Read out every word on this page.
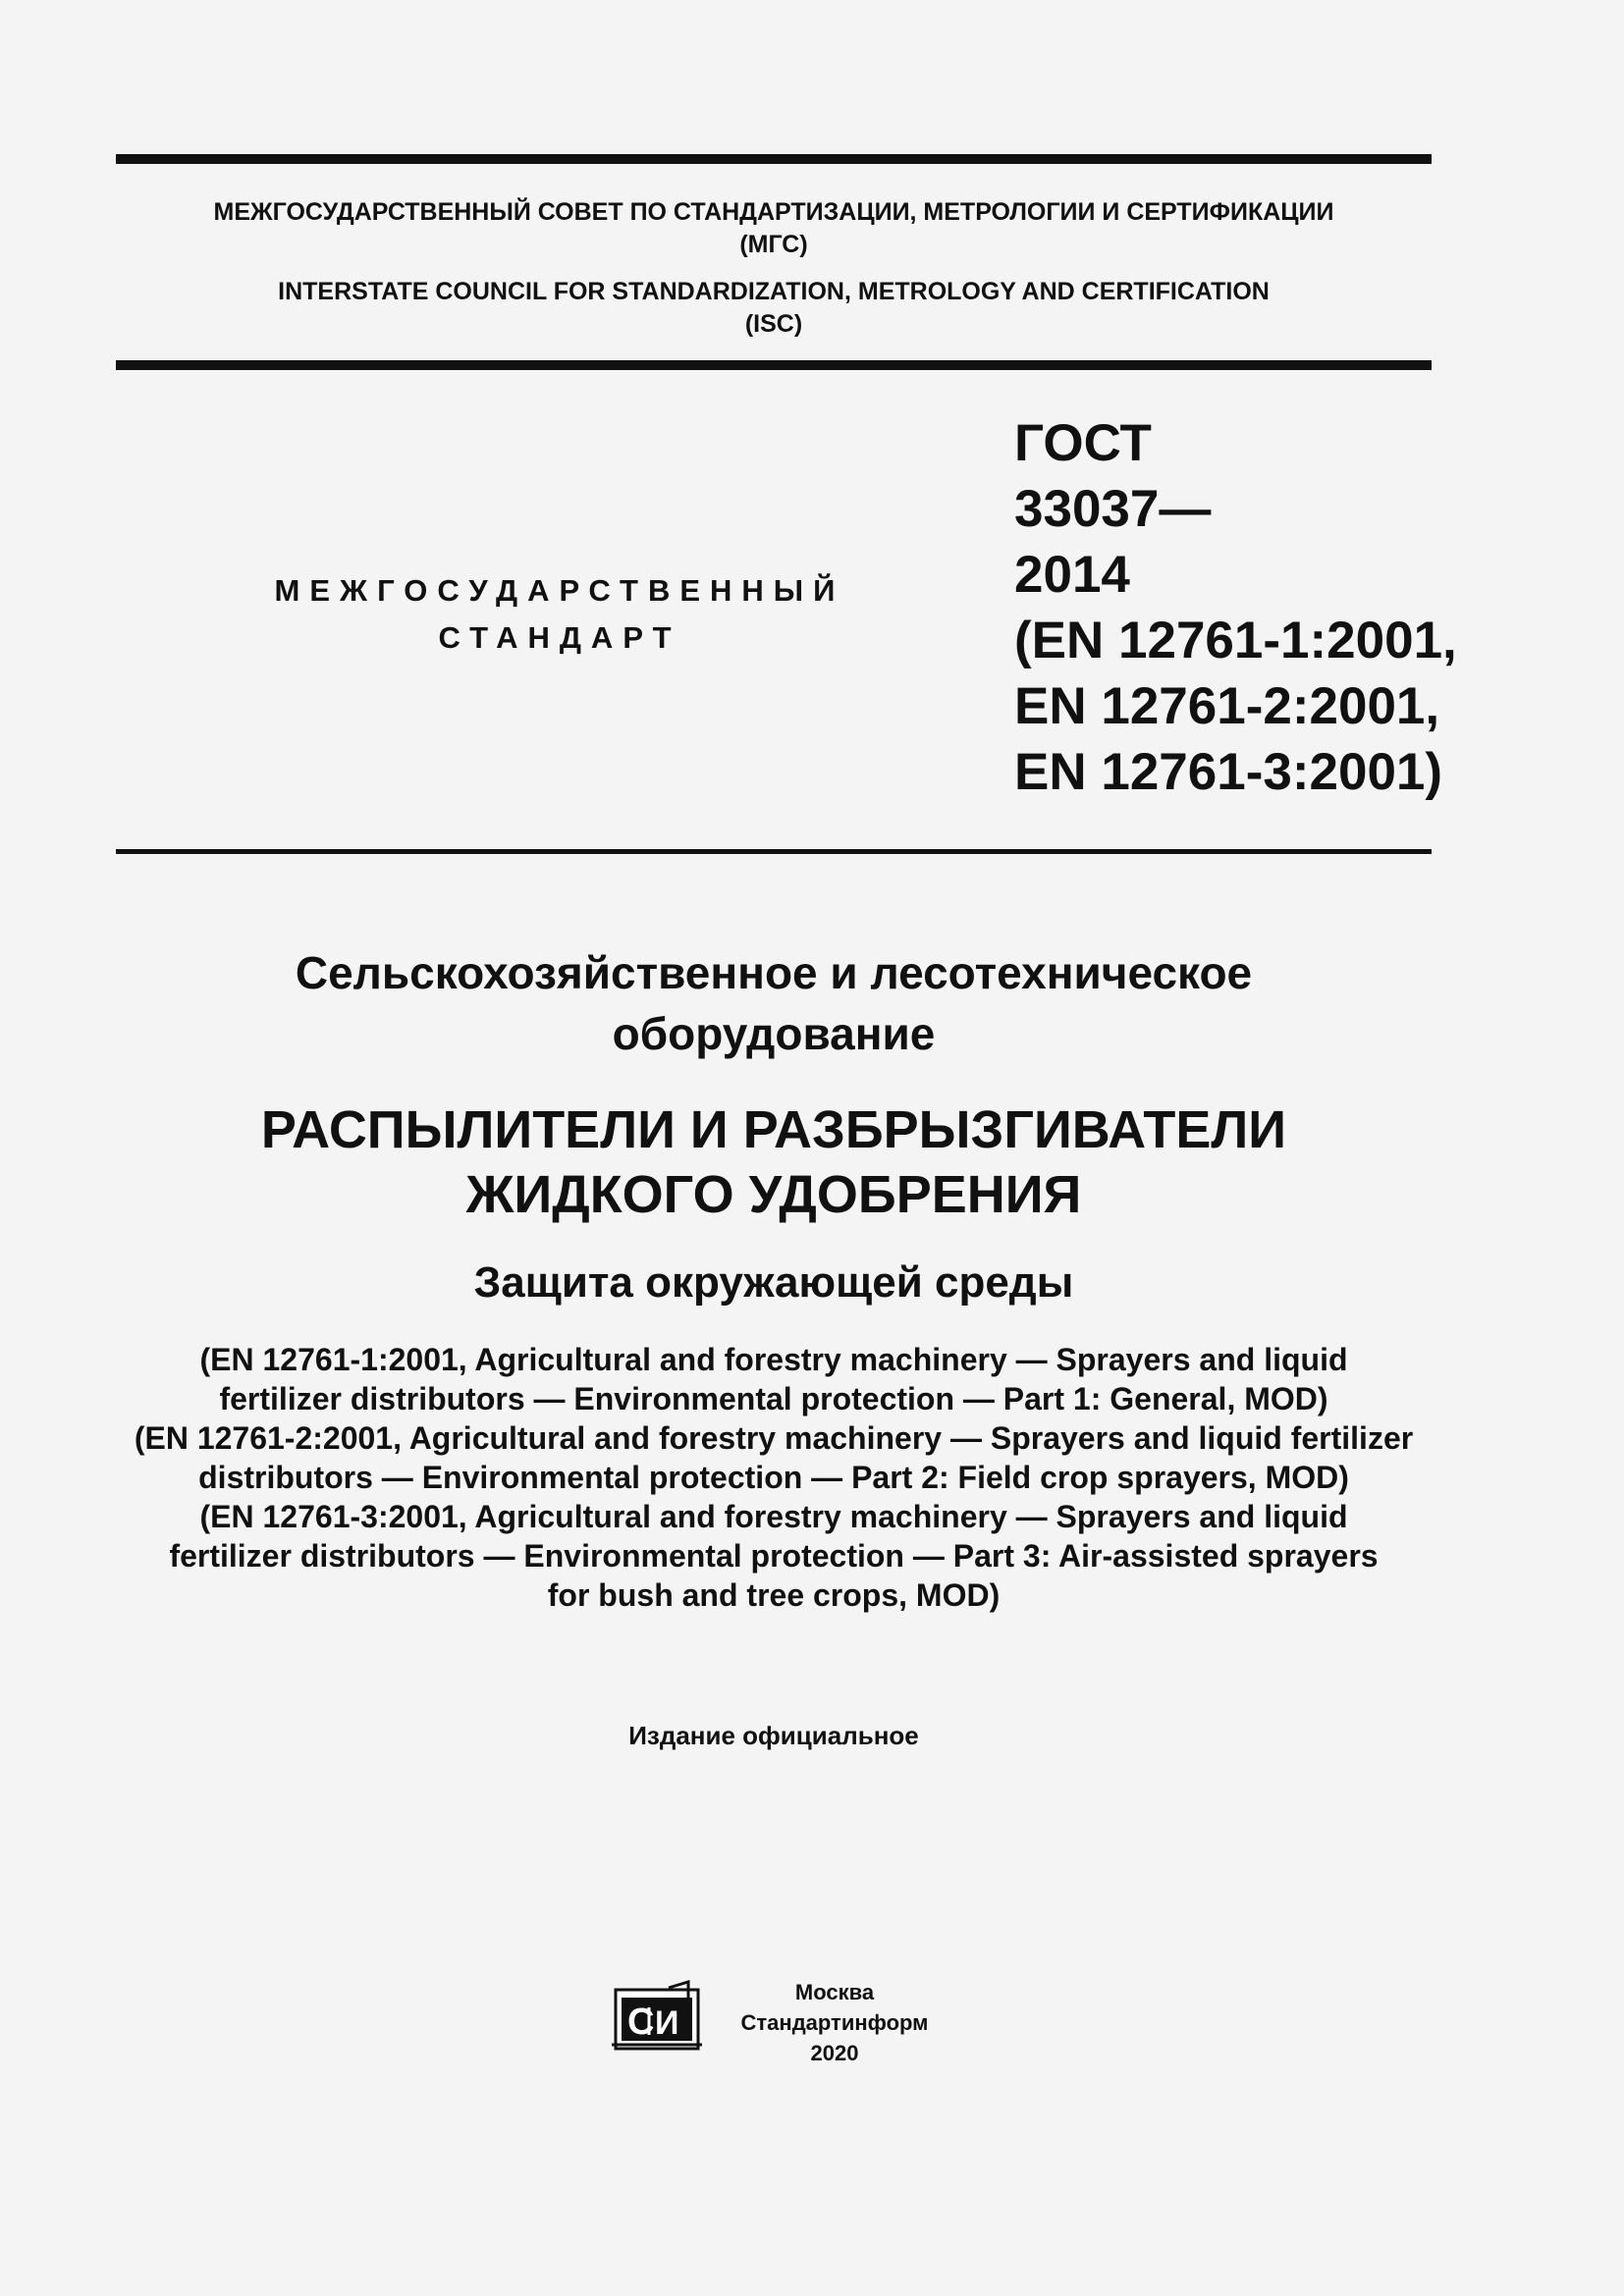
МЕЖГОСУДАРСТВЕННЫЙ СОВЕТ ПО СТАНДАРТИЗАЦИИ, МЕТРОЛОГИИ И СЕРТИФИКАЦИИ
(МГС)
INTERSTATE COUNCIL FOR STANDARDIZATION, METROLOGY AND CERTIFICATION
(ISC)
МЕЖГОСУДАРСТВЕННЫЙ
СТАНДАРТ
ГОСТ
33037—
2014
(EN 12761-1:2001,
EN 12761-2:2001,
EN 12761-3:2001)
Сельскохозяйственное и лесотехническое
оборудование
РАСПЫЛИТЕЛИ И РАЗБРЫЗГИВАТЕЛИ
ЖИДКОГО УДОБРЕНИЯ
Защита окружающей среды
(EN 12761-1:2001, Agricultural and forestry machinery — Sprayers and liquid
fertilizer distributors — Environmental protection — Part 1: General, MOD)
(EN 12761-2:2001, Agricultural and forestry machinery — Sprayers and liquid fertilizer
distributors — Environmental protection — Part 2: Field crop sprayers, MOD)
(EN 12761-3:2001, Agricultural and forestry machinery — Sprayers and liquid
fertilizer distributors — Environmental protection — Part 3: Air-assisted sprayers
for bush and tree crops, MOD)
Издание официальное
С И
Москва
Стандартинформ
2020
